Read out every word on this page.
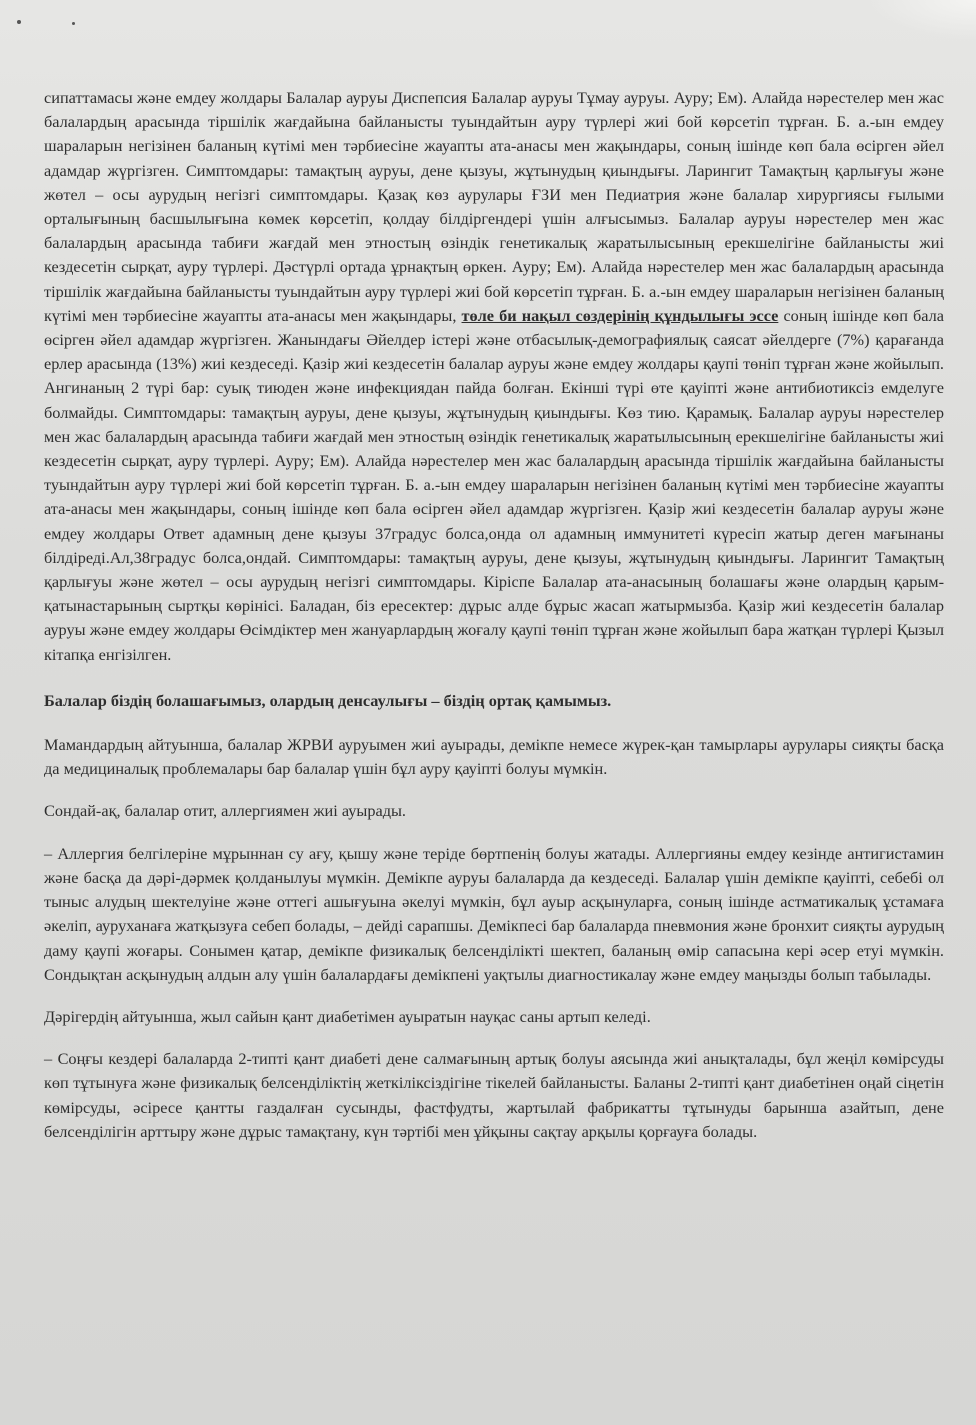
сипаттамасы және емдеу жолдары Балалар ауруы Диспепсия Балалар ауруы Тұмау ауруы. Ауру; Ем). Алайда нәрестелер мен жас балалардың арасында тіршілік жағдайына байланысты туындайтын ауру түрлері жиі бой көрсетіп тұрған. Б. а.-ын емдеу шараларын негізінен баланың күтімі мен тәрбиесіне жауапты ата-анасы мен жақындары, соның ішінде көп бала өсірген әйел адамдар жүргізген. Симптомдары: тамақтың ауруы, дене қызуы, жұтынудың қиындығы. Ларингит Тамақтың қарлығуы және жөтел – осы аурудың негізгі симптомдары. Қазақ көз аурулары ҒЗИ мен Педиатрия және балалар хирургиясы ғылыми орталығының басшылығына көмек көрсетіп, қолдау білдіргендері үшін алғысымыз. Балалар ауруы нәрестелер мен жас балалардың арасында табиғи жағдай мен этностың өзіндік генетикалық жаратылысының ерекшелігіне байланысты жиі кездесетін сырқат, ауру түрлері. Дәстүрлі ортада ұрнақтың өркен. Ауру; Ем). Алайда нәрестелер мен жас балалардың арасында тіршілік жағдайына байланысты туындайтын ауру түрлері жиі бой көрсетіп тұрған. Б. а.-ын емдеу шараларын негізінен баланың күтімі мен тәрбиесіне жауапты ата-анасы мен жақындары, төле би нақыл сөздерінің құндылығы эссе соның ішінде көп бала өсірген әйел адамдар жүргізген. Жанындағы Әйелдер істері және отбасылық-демографиялық саясат әйелдерге (7%) қарағанда ерлер арасында (13%) жиі кездеседі. Қазір жиі кездесетін балалар ауруы және емдеу жолдары қаупі төніп тұрған және жойылып. Ангинаның 2 түрі бар: суық тиюден және инфекциядан пайда болған. Екінші түрі өте қауіпті және антибиотиксіз емделуге болмайды. Симптомдары: тамақтың ауруы, дене қызуы, жұтынудың қиындығы. Көз тию. Қарамық. Балалар ауруы нәрестелер мен жас балалардың арасында табиғи жағдай мен этностың өзіндік генетикалық жаратылысының ерекшелігіне байланысты жиі кездесетін сырқат, ауру түрлері. Ауру; Ем). Алайда нәрестелер мен жас балалардың арасында тіршілік жағдайына байланысты туындайтын ауру түрлері жиі бой көрсетіп тұрған. Б. а.-ын емдеу шараларын негізінен баланың күтімі мен тәрбиесіне жауапты ата-анасы мен жақындары, соның ішінде көп бала өсірген әйел адамдар жүргізген. Қазір жиі кездесетін балалар ауруы және емдеу жолдары Ответ адамның дене қызуы 37градус болса,онда ол адамның иммунитеті күресіп жатыр деген мағынаны білдіреді.Ал,38градус болса,ондай. Симптомдары: тамақтың ауруы, дене қызуы, жұтынудың қиындығы. Ларингит Тамақтың қарлығуы және жөтел – осы аурудың негізгі симптомдары. Кіріспе Балалар ата-анасының болашағы және олардың қарым-қатынастарының сыртқы көрінісі. Баладан, біз ересектер: дұрыс алде бұрыс жасап жатырмызба. Қазір жиі кездесетін балалар ауруы және емдеу жолдары Өсімдіктер мен жануарлардың жоғалу қаупі төніп тұрған және жойылып бара жатқан түрлері Қызыл кітапқа енгізілген.

Балалар біздің болашағымыз, олардың денсаулығы – біздің ортақ қамымыз.

Мамандардың айтуынша, балалар ЖРВИ ауруымен жиі ауырады, демікпе немесе жүрек-қан тамырлары аурулары сияқты басқа да медициналық проблемалары бар балалар үшін бұл ауру қауіпті болуы мүмкін.

Сондай-ақ, балалар отит, аллергиямен жиі ауырады.

– Аллергия белгілеріне мұрыннан су ағу, қышу және теріде бөртпенің болуы жатады. Аллергияны емдеу кезінде антигистамин және басқа да дәрі-дәрмек қолданылуы мүмкін. Демікпе ауруы балаларда да кездеседі. Балалар үшін демікпе қауіпті, себебі ол тыныс алудың шектелуіне және оттегі ашығуына әкелуі мүмкін, бұл ауыр асқынуларға, соның ішінде астматикалық ұстамаға әкеліп, ауруханаға жатқызуға себеп болады, – дейді сарапшы. Демікпесі бар балаларда пневмония және бронхит сияқты аурудың даму қаупі жоғары. Сонымен қатар, демікпе физикалық белсенділікті шектеп, баланың өмір сапасына кері әсер етуі мүмкін. Сондықтан асқынудың алдын алу үшін балалардағы демікпені уақтылы диагностикалау және емдеу маңызды болып табылады.

Дәрігердің айтуынша, жыл сайын қант диабетімен ауыратын науқас саны артып келеді.

– Соңғы кездері балаларда 2-типті қант диабеті дене салмағының артық болуы аясында жиі анықталады, бұл жеңіл көмірсуды көп тұтынуға және физикалық белсенділіктің жеткіліксіздігіне тікелей байланысты. Баланы 2-типті қант диабетінен оңай сіңетін көмірсуды, әсіресе қантты газдалған сусынды, фастфудты, жартылай фабрикатты тұтынуды барынша азайтып, дене белсенділігін арттыру және дұрыс тамақтану, күн тәртібі мен ұйқыны сақтау арқылы қорғауға болады.
